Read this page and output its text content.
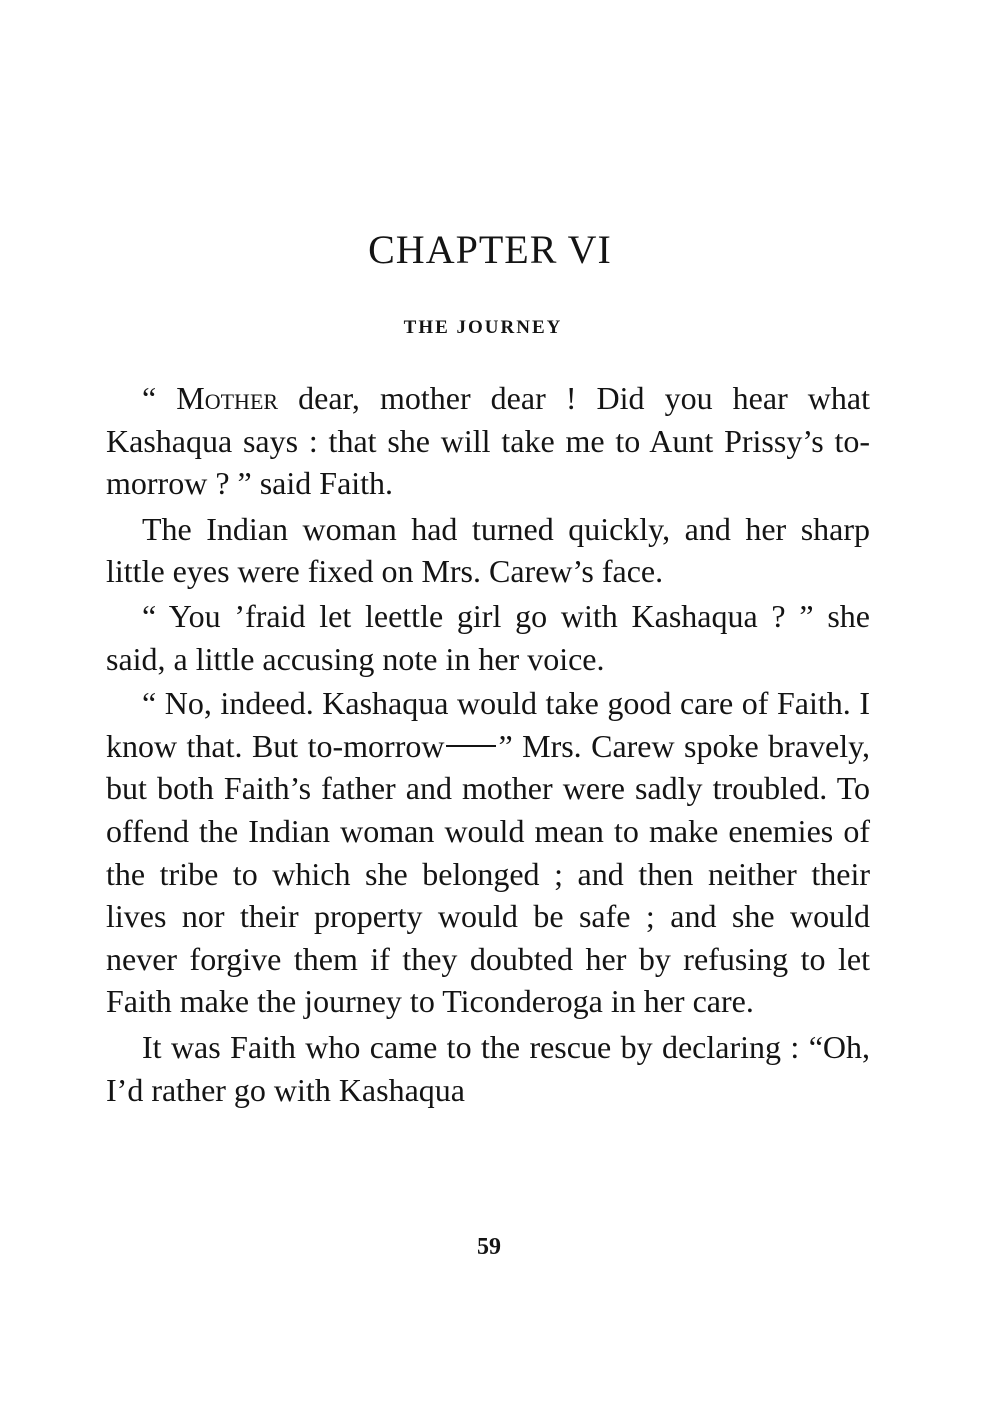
CHAPTER VI
THE JOURNEY

“ Mother dear, mother dear ! Did you hear what Kashaqua says : that she will take me to Aunt Prissy’s to-morrow ? ” said Faith.

The Indian woman had turned quickly, and her sharp little eyes were fixed on Mrs. Carew’s face.

“ You ’fraid let leettle girl go with Kashaqua ? ” she said, a little accusing note in her voice.

“ No, indeed. Kashaqua would take good care of Faith. I know that. But to-morrow ” Mrs. Carew spoke bravely, but both Faith’s father and mother were sadly troubled. To offend the Indian woman would mean to make enemies of the tribe to which she belonged ; and then neither their lives nor their property would be safe ; and she would never forgive them if they doubted her by refusing to let Faith make the journey to Ticonderoga in her care.

It was Faith who came to the rescue by declaring : “Oh, I’d rather go with Kashaqua

59
